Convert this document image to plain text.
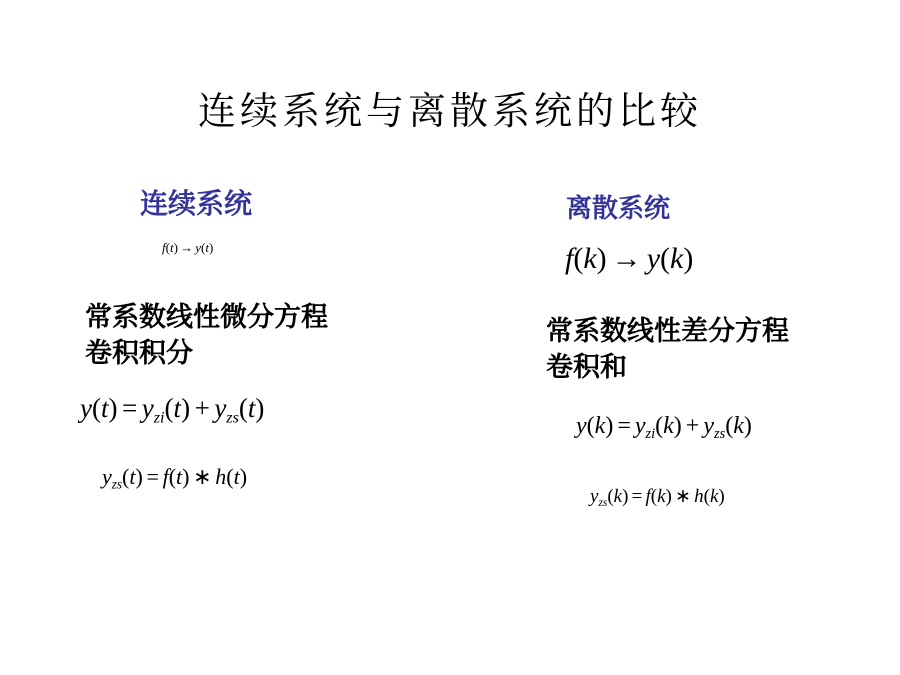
连续系统与离散系统的比较
连续系统
f(t)  →  y(t)
常系数线性微分方程
卷积积分
y(t)  =  $y_{zi}(t)$  +  $y_{zs}(t)$
$y_{zs}(t)$  =  f(t)  ∗  h(t)
离散系统
f(k)  →  y(k)
常系数线性差分方程
卷积和
y(k)  =  $y_{zi}(k)$  +  $y_{zs}(k)$
$y_{zs}(k)$  =  f(k)  ∗  h(k)
